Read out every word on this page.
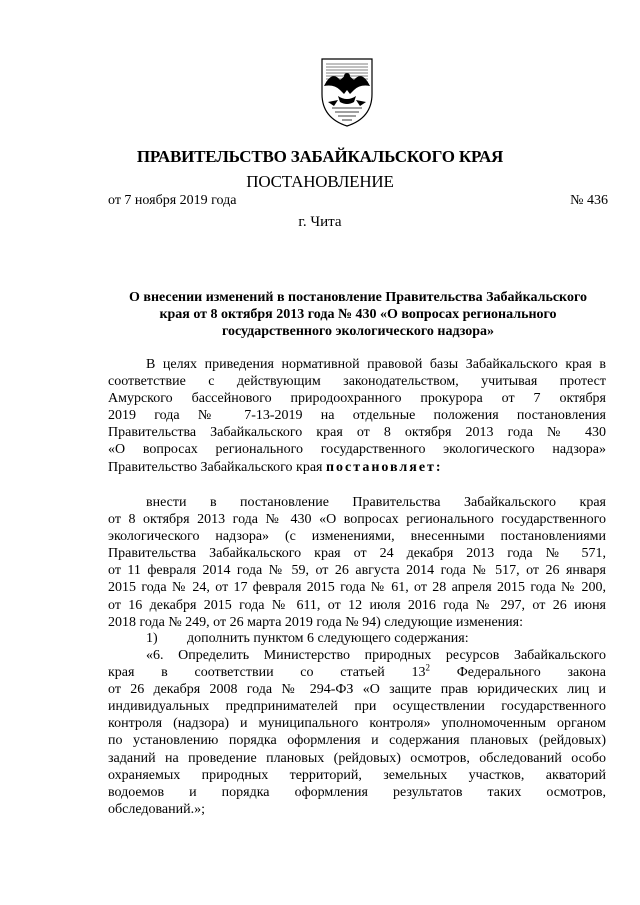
ПРАВИТЕЛЬСТВО ЗАБАЙКАЛЬСКОГО КРАЯ
ПОСТАНОВЛЕНИЕ
от 7 ноября 2019 года	№ 436
г. Чита
О внесении изменений в постановление Правительства Забайкальского
края от 8 октября 2013 года № 430 «О вопросах регионального
государственного экологического надзора»
В целях приведения нормативной правовой базы Забайкальского края в
соответствие с действующим законодательством, учитывая протест
Амурского бассейнового природоохранного прокурора от 7 октября
2019 года № 7-13-2019 на отдельные положения постановления
Правительства Забайкальского края от 8 октября 2013 года № 430
«О вопросах регионального государственного экологического надзора»
Правительство Забайкальского края постановляет:
внести в постановление Правительства Забайкальского края
от 8 октября 2013 года № 430 «О вопросах регионального государственного
экологического надзора» (с изменениями, внесенными постановлениями
Правительства Забайкальского края от 24 декабря 2013 года № 571,
от 11 февраля 2014 года № 59, от 26 августа 2014 года № 517, от 26 января
2015 года № 24, от 17 февраля 2015 года № 61, от 28 апреля 2015 года № 200,
от 16 декабря 2015 года № 611, от 12 июля 2016 года № 297, от 26 июня
2018 года № 249, от 26 марта 2019 года № 94) следующие изменения:
1) дополнить пунктом 6 следующего содержания:
«6. Определить Министерство природных ресурсов Забайкальского
края в соответствии со статьей $13^2$ Федерального закона
от 26 декабря 2008 года № 294-ФЗ «О защите прав юридических лиц и
индивидуальных предпринимателей при осуществлении государственного
контроля (надзора) и муниципального контроля» уполномоченным органом
по установлению порядка оформления и содержания плановых (рейдовых)
заданий на проведение плановых (рейдовых) осмотров, обследований особо
охраняемых природных территорий, земельных участков, акваторий
водоемов и порядка оформления результатов таких осмотров,
обследований.»;
